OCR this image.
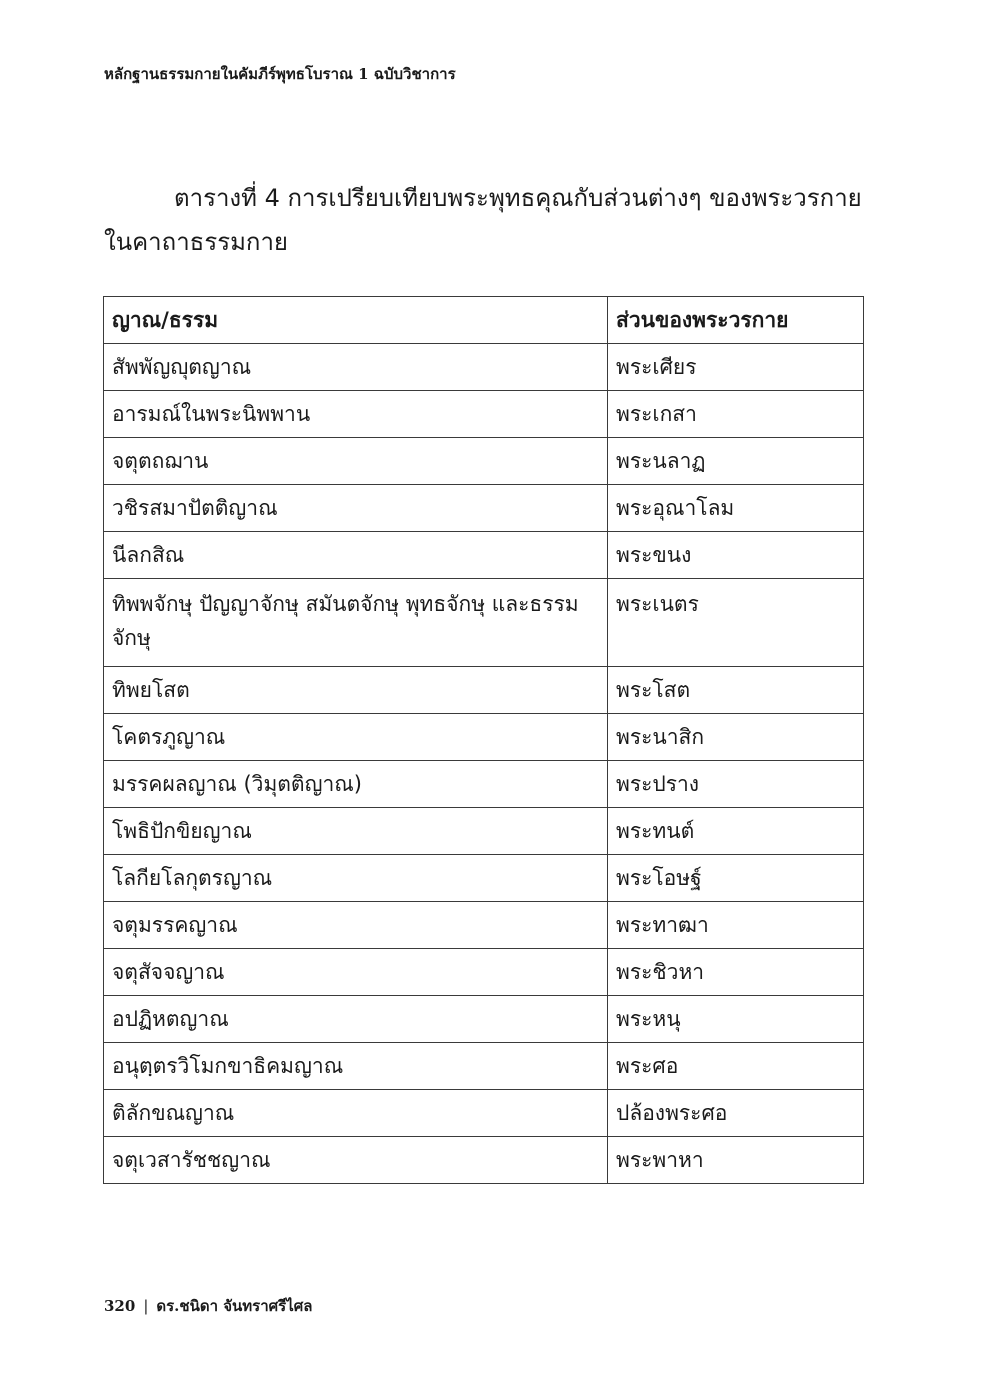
หลักฐานธรรมกายในคัมภีร์พุทธโบราณ 1 ฉบับวิชาการ
ตารางที่ 4 การเปรียบเทียบพระพุทธคุณกับส่วนต่างๆ ของพระวรกาย
ในคาถาธรรมกาย
ญาณ/ธรรม	ส่วนของพระวรกาย
สัพพัญญุตญาณ	พระเศียร
อารมณ์ในพระนิพพาน	พระเกสา
จตุตถฌาน	พระนลาฏ
วชิรสมาปัตติญาณ	พระอุณาโลม
นีลกสิณ	พระขนง
ทิพพจักษุ ปัญญาจักษุ สมันตจักษุ พุทธจักษุ และธรรมจักษุ	พระเนตร
ทิพยโสต	พระโสต
โคตรภูญาณ	พระนาสิก
มรรคผลญาณ (วิมุตติญาณ)	พระปราง
โพธิปักขิยญาณ	พระทนต์
โลกียโลกุตรญาณ	พระโอษฐ์
จตุมรรคญาณ	พระทาฒา
จตุสัจจญาณ	พระชิวหา
อปฏิหตญาณ	พระหนุ
อนุตฺตรวิโมกขาธิคมญาณ	พระศอ
ติลักขณญาณ	ปล้องพระศอ
จตุเวสารัชชญาณ	พระพาหา
320 | ดร.ชนิดา จันทราศรีไศล
